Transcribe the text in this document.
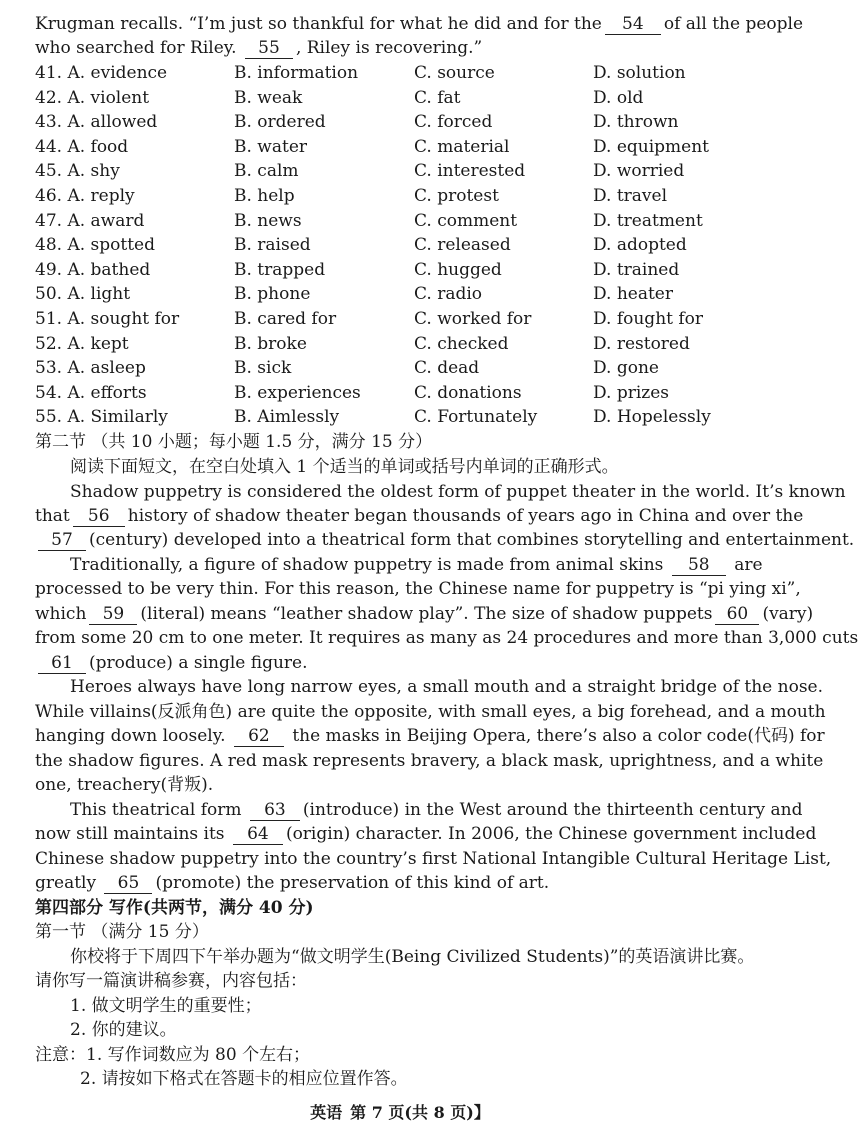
Krugman recalls. “I’m just so thankful for what he did and for the 54 of all the people
who searched for Riley. 55 , Riley is recovering.”
41. A. evidence	B. information	C. source	D. solution
42. A. violent	B. weak	C. fat	D. old
43. A. allowed	B. ordered	C. forced	D. thrown
44. A. food	B. water	C. material	D. equipment
45. A. shy	B. calm	C. interested	D. worried
46. A. reply	B. help	C. protest	D. travel
47. A. award	B. news	C. comment	D. treatment
48. A. spotted	B. raised	C. released	D. adopted
49. A. bathed	B. trapped	C. hugged	D. trained
50. A. light	B. phone	C. radio	D. heater
51. A. sought for	B. cared for	C. worked for	D. fought for
52. A. kept	B. broke	C. checked	D. restored
53. A. asleep	B. sick	C. dead	D. gone
54. A. efforts	B. experiences	C. donations	D. prizes
55. A. Similarly	B. Aimlessly	C. Fortunately	D. Hopelessly
第二节 （共 10 小题；每小题 1.5 分，满分 15 分）
阅读下面短文，在空白处填入 1 个适当的单词或括号内单词的正确形式。
Shadow puppetry is considered the oldest form of puppet theater in the world. It’s known
that 56 history of shadow theater began thousands of years ago in China and over the
57 (century) developed into a theatrical form that combines storytelling and entertainment.
Traditionally, a figure of shadow puppetry is made from animal skins 58 are
processed to be very thin. For this reason, the Chinese name for puppetry is “pi ying xi”,
which 59 (literal) means “leather shadow play”. The size of shadow puppets 60 (vary)
from some 20 cm to one meter. It requires as many as 24 procedures and more than 3,000 cuts
61 (produce) a single figure.
Heroes always have long narrow eyes, a small mouth and a straight bridge of the nose.
While villains(反派角色) are quite the opposite, with small eyes, a big forehead, and a mouth
hanging down loosely. 62 the masks in Beijing Opera, there’s also a color code(代码) for
the shadow figures. A red mask represents bravery, a black mask, uprightness, and a white
one, treachery(背叛).
This theatrical form 63 (introduce) in the West around the thirteenth century and
now still maintains its 64 (origin) character. In 2006, the Chinese government included
Chinese shadow puppetry into the country’s first National Intangible Cultural Heritage List,
greatly 65 (promote) the preservation of this kind of art.
第四部分 写作(共两节，满分 40 分)
第一节 （满分 15 分）
你校将于下周四下午举办题为“做文明学生(Being Civilized Students)”的英语演讲比赛。
请你写一篇演讲稿参赛，内容包括：
1. 做文明学生的重要性；
2. 你的建议。
注意：1. 写作词数应为 80 个左右；
2. 请按如下格式在答题卡的相应位置作答。
英语 第 7 页(共 8 页)】
